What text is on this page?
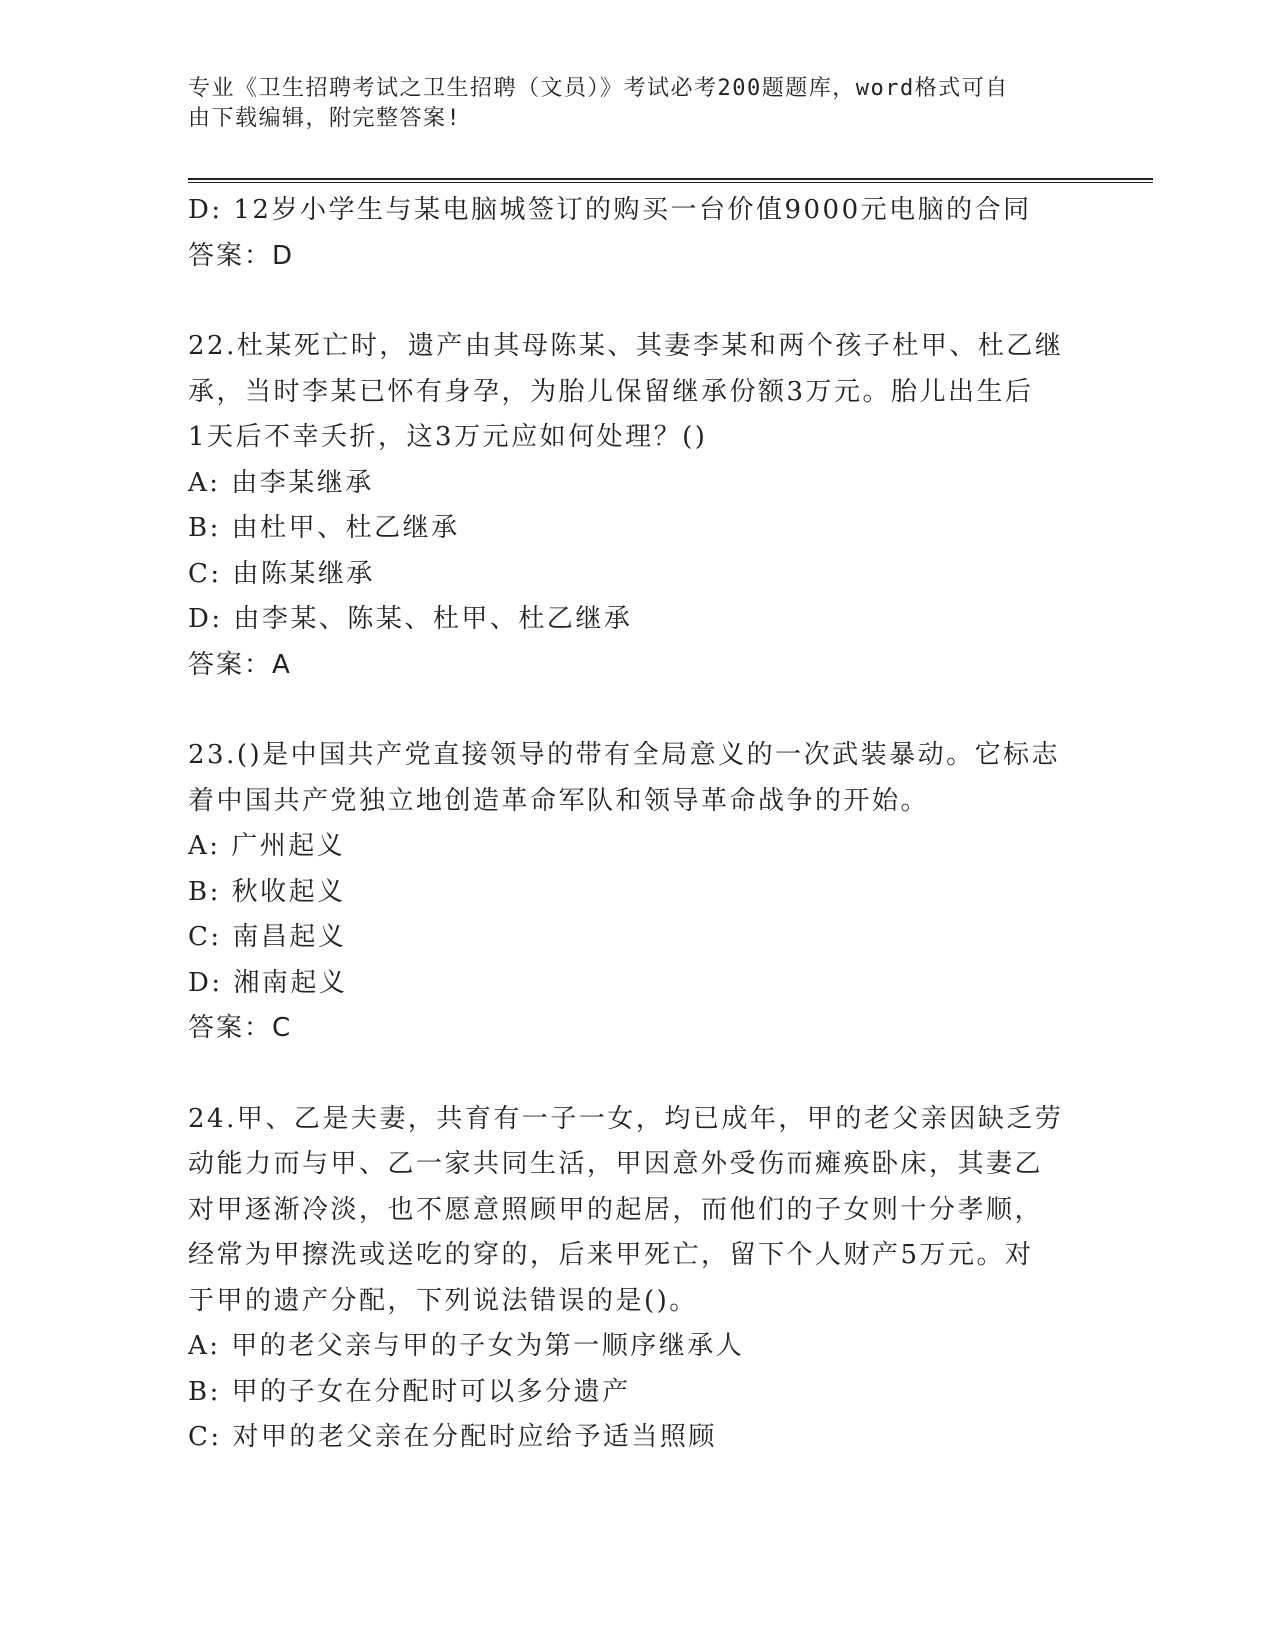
专业《卫生招聘考试之卫生招聘（文员）》考试必考200题题库，word格式可自
由下载编辑，附完整答案!
D: 12岁小学生与某电脑城签订的购买一台价值9000元电脑的合同
答案：D
22.杜某死亡时，遗产由其母陈某、其妻李某和两个孩子杜甲、杜乙继
承，当时李某已怀有身孕，为胎儿保留继承份额3万元。胎儿出生后
1天后不幸夭折，这3万元应如何处理？()
A: 由李某继承
B: 由杜甲、杜乙继承
C: 由陈某继承
D: 由李某、陈某、杜甲、杜乙继承
答案：A
23.()是中国共产党直接领导的带有全局意义的一次武装暴动。它标志
着中国共产党独立地创造革命军队和领导革命战争的开始。
A: 广州起义
B: 秋收起义
C: 南昌起义
D: 湘南起义
答案：C
24.甲、乙是夫妻，共育有一子一女，均已成年，甲的老父亲因缺乏劳
动能力而与甲、乙一家共同生活，甲因意外受伤而瘫痪卧床，其妻乙
对甲逐渐冷淡，也不愿意照顾甲的起居，而他们的子女则十分孝顺，
经常为甲擦洗或送吃的穿的，后来甲死亡，留下个人财产5万元。对
于甲的遗产分配，下列说法错误的是()。
A: 甲的老父亲与甲的子女为第一顺序继承人
B: 甲的子女在分配时可以多分遗产
C: 对甲的老父亲在分配时应给予适当照顾
